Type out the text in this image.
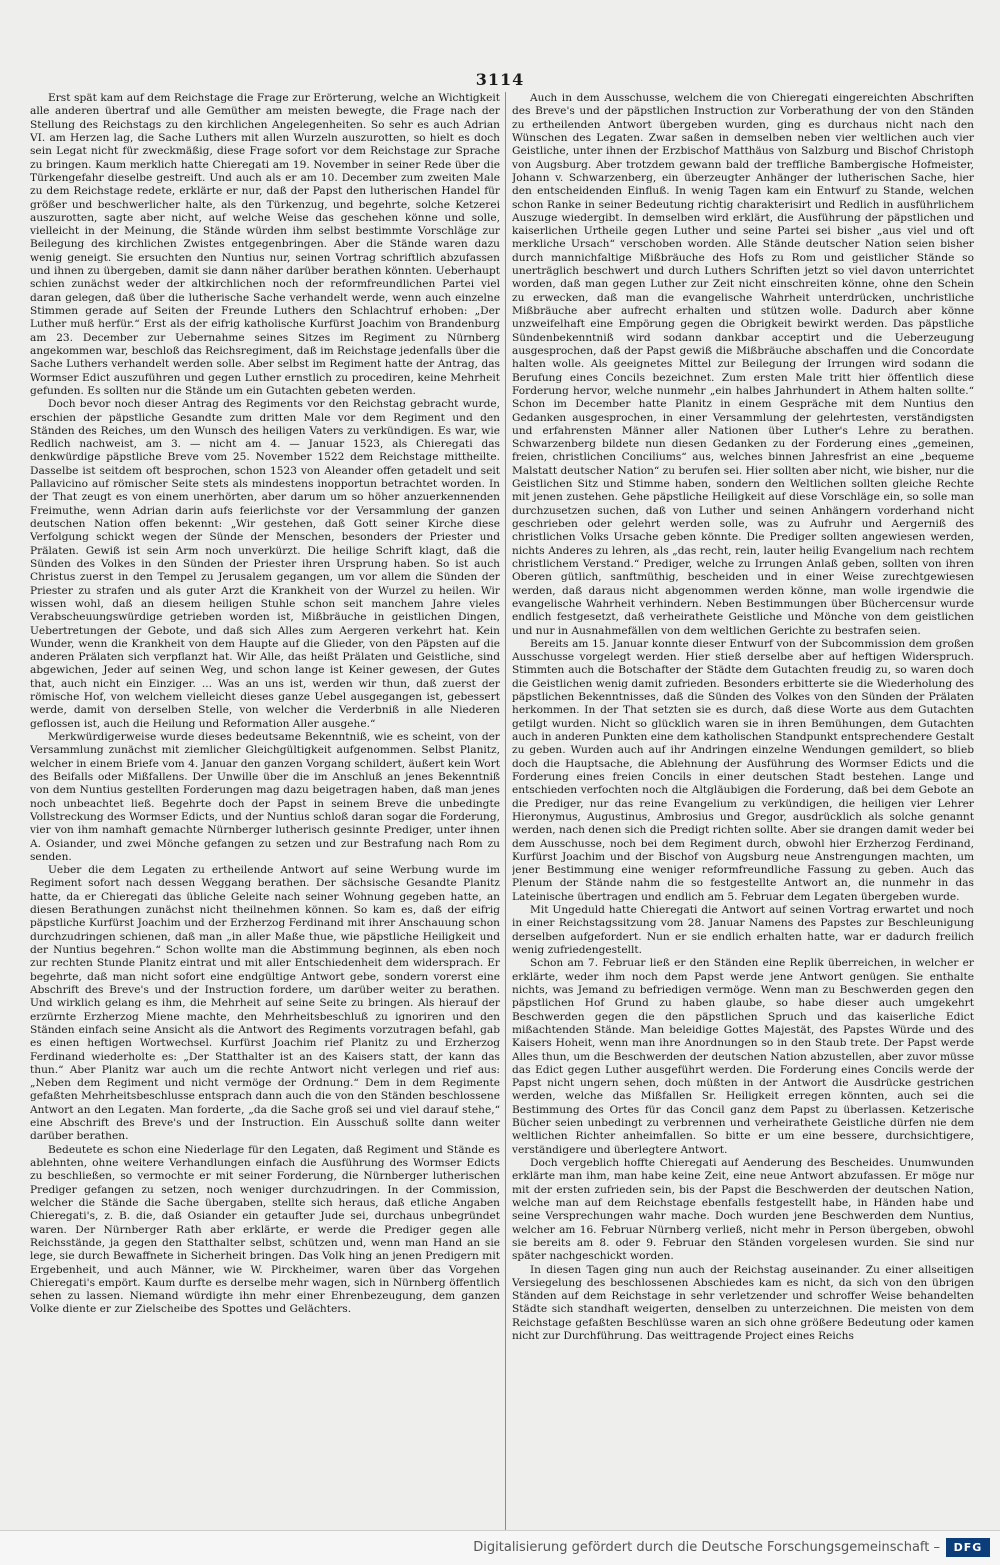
3114

Erst spät kam auf dem Reichstage die Frage zur Erörterung, welche an Wichtigkeit alle anderen übertraf und alle Gemüther am meisten bewegte, die Frage nach der Stellung des Reichstags zu den kirchlichen Angelegenheiten. So sehr es auch Adrian VI. am Herzen lag, die Sache Luthers mit allen Wurzeln auszurotten, so hielt es doch sein Legat nicht für zweckmäßig, diese Frage sofort vor dem Reichstage zur Sprache zu bringen. Kaum merklich hatte Chieregati am 19. November in seiner Rede über die Türkengefahr dieselbe gestreift. Und auch als er am 10. December zum zweiten Male zu dem Reichstage redete, erklärte er nur, daß der Papst den lutherischen Handel für größer und beschwerlicher halte, als den Türkenzug, und begehrte, solche Ketzerei auszurotten, sagte aber nicht, auf welche Weise das geschehen könne und solle, vielleicht in der Meinung, die Stände würden ihm selbst bestimmte Vorschläge zur Beilegung des kirchlichen Zwistes entgegenbringen. Aber die Stände waren dazu wenig geneigt. Sie ersuchten den Nuntius nur, seinen Vortrag schriftlich abzufassen und ihnen zu übergeben, damit sie dann näher darüber berathen könnten. Ueberhaupt schien zunächst weder der altkirchlichen noch der reformfreundlichen Partei viel daran gelegen, daß über die lutherische Sache verhandelt werde, wenn auch einzelne Stimmen gerade auf Seiten der Freunde Luthers den Schlachtruf erhoben: „Der Luther muß herfür.“ Erst als der eifrig katholische Kurfürst Joachim von Brandenburg am 23. December zur Uebernahme seines Sitzes im Regiment zu Nürnberg angekommen war, beschloß das Reichsregiment, daß im Reichstage jedenfalls über die Sache Luthers verhandelt werden solle. Aber selbst im Regiment hatte der Antrag, das Wormser Edict auszuführen und gegen Luther ernstlich zu procediren, keine Mehrheit gefunden. Es sollten nur die Stände um ein Gutachten gebeten werden.

Doch bevor noch dieser Antrag des Regiments vor den Reichstag gebracht wurde, erschien der päpstliche Gesandte zum dritten Male vor dem Regiment und den Ständen des Reiches, um den Wunsch des heiligen Vaters zu verkündigen. Es war, wie Redlich nachweist, am 3. — nicht am 4. — Januar 1523, als Chieregati das denkwürdige päpstliche Breve vom 25. November 1522 dem Reichstage mittheilte. Dasselbe ist seitdem oft besprochen, schon 1523 von Aleander offen getadelt und seit Pallavicino auf römischer Seite stets als mindestens inopportun betrachtet worden. In der That zeugt es von einem unerhörten, aber darum um so höher anzuerkennenden Freimuthe, wenn Adrian darin aufs feierlichste vor der Versammlung der ganzen deutschen Nation offen bekennt: „Wir gestehen, daß Gott seiner Kirche diese Verfolgung schickt wegen der Sünde der Menschen, besonders der Priester und Prälaten. Gewiß ist sein Arm noch unverkürzt. Die heilige Schrift klagt, daß die Sünden des Volkes in den Sünden der Priester ihren Ursprung haben. So ist auch Christus zuerst in den Tempel zu Jerusalem gegangen, um vor allem die Sünden der Priester zu strafen und als guter Arzt die Krankheit von der Wurzel zu heilen. Wir wissen wohl, daß an diesem heiligen Stuhle schon seit manchem Jahre vieles Verabscheuungswürdige getrieben worden ist, Mißbräuche in geistlichen Dingen, Uebertretungen der Gebote, und daß sich Alles zum Aergeren verkehrt hat. Kein Wunder, wenn die Krankheit von dem Haupte auf die Glieder, von den Päpsten auf die anderen Prälaten sich verpflanzt hat. Wir Alle, das heißt Prälaten und Geistliche, sind abgewichen, Jeder auf seinen Weg, und schon lange ist Keiner gewesen, der Gutes that, auch nicht ein Einziger. ... Was an uns ist, werden wir thun, daß zuerst der römische Hof, von welchem vielleicht dieses ganze Uebel ausgegangen ist, gebessert werde, damit von derselben Stelle, von welcher die Verderbniß in alle Niederen geflossen ist, auch die Heilung und Reformation Aller ausgehe.“

Merkwürdigerweise wurde dieses bedeutsame Bekenntniß, wie es scheint, von der Versammlung zunächst mit ziemlicher Gleichgültigkeit aufgenommen. Selbst Planitz, welcher in einem Briefe vom 4. Januar den ganzen Vorgang schildert, äußert kein Wort des Beifalls oder Mißfallens. Der Unwille über die im Anschluß an jenes Bekenntniß von dem Nuntius gestellten Forderungen mag dazu beigetragen haben, daß man jenes noch unbeachtet ließ. Begehrte doch der Papst in seinem Breve die unbedingte Vollstreckung des Wormser Edicts, und der Nuntius schloß daran sogar die Forderung, vier von ihm namhaft gemachte Nürnberger lutherisch gesinnte Prediger, unter ihnen A. Osiander, und zwei Mönche gefangen zu setzen und zur Bestrafung nach Rom zu senden.

Ueber die dem Legaten zu ertheilende Antwort auf seine Werbung wurde im Regiment sofort nach dessen Weggang berathen. Der sächsische Gesandte Planitz hatte, da er Chieregati das übliche Geleite nach seiner Wohnung gegeben hatte, an diesen Berathungen zunächst nicht theilnehmen können. So kam es, daß der eifrig päpstliche Kurfürst Joachim und der Erzherzog Ferdinand mit ihrer Anschauung schon durchzudringen schienen, daß man „in aller Maße thue, wie päpstliche Heiligkeit und der Nuntius begehren.“ Schon wollte man die Abstimmung beginnen, als eben noch zur rechten Stunde Planitz eintrat und mit aller Entschiedenheit dem widersprach. Er begehrte, daß man nicht sofort eine endgültige Antwort gebe, sondern vorerst eine Abschrift des Breve's und der Instruction fordere, um darüber weiter zu berathen. Und wirklich gelang es ihm, die Mehrheit auf seine Seite zu bringen. Als hierauf der erzürnte Erzherzog Miene machte, den Mehrheitsbeschluß zu ignoriren und den Ständen einfach seine Ansicht als die Antwort des Regiments vorzutragen befahl, gab es einen heftigen Wortwechsel. Kurfürst Joachim rief Planitz zu und Erzherzog Ferdinand wiederholte es: „Der Statthalter ist an des Kaisers statt, der kann das thun.“ Aber Planitz war auch um die rechte Antwort nicht verlegen und rief aus: „Neben dem Regiment und nicht vermöge der Ordnung.“ Dem in dem Regimente gefaßten Mehrheitsbeschlusse entsprach dann auch die von den Ständen beschlossene Antwort an den Legaten. Man forderte, „da die Sache groß sei und viel darauf stehe,“ eine Abschrift des Breve's und der Instruction. Ein Ausschuß sollte dann weiter darüber berathen.

Bedeutete es schon eine Niederlage für den Legaten, daß Regiment und Stände es ablehnten, ohne weitere Verhandlungen einfach die Ausführung des Wormser Edicts zu beschließen, so vermochte er mit seiner Forderung, die Nürnberger lutherischen Prediger gefangen zu setzen, noch weniger durchzudringen. In der Commission, welcher die Stände die Sache übergaben, stellte sich heraus, daß etliche Angaben Chieregati's, z. B. die, daß Osiander ein getaufter Jude sei, durchaus unbegründet waren. Der Nürnberger Rath aber erklärte, er werde die Prediger gegen alle Reichsstände, ja gegen den Statthalter selbst, schützen und, wenn man Hand an sie lege, sie durch Bewaffnete in Sicherheit bringen. Das Volk hing an jenen Predigern mit Ergebenheit, und auch Männer, wie W. Pirckheimer, waren über das Vorgehen Chieregati's empört. Kaum durfte es derselbe mehr wagen, sich in Nürnberg öffentlich sehen zu lassen. Niemand würdigte ihn mehr einer Ehrenbezeugung, dem ganzen Volke diente er zur Zielscheibe des Spottes und Gelächters.

Auch in dem Ausschusse, welchem die von Chieregati eingereichten Abschriften des Breve's und der päpstlichen Instruction zur Vorberathung der von den Ständen zu ertheilenden Antwort übergeben wurden, ging es durchaus nicht nach den Wünschen des Legaten. Zwar saßen in demselben neben vier weltlichen auch vier Geistliche, unter ihnen der Erzbischof Matthäus von Salzburg und Bischof Christoph von Augsburg. Aber trotzdem gewann bald der treffliche Bambergische Hofmeister, Johann v. Schwarzenberg, ein überzeugter Anhänger der lutherischen Sache, hier den entscheidenden Einfluß. In wenig Tagen kam ein Entwurf zu Stande, welchen schon Ranke in seiner Bedeutung richtig charakterisirt und Redlich in ausführlichem Auszuge wiedergibt. In demselben wird erklärt, die Ausführung der päpstlichen und kaiserlichen Urtheile gegen Luther und seine Partei sei bisher „aus viel und oft merkliche Ursach“ verschoben worden. Alle Stände deutscher Nation seien bisher durch mannichfaltige Mißbräuche des Hofs zu Rom und geistlicher Stände so unerträglich beschwert und durch Luthers Schriften jetzt so viel davon unterrichtet worden, daß man gegen Luther zur Zeit nicht einschreiten könne, ohne den Schein zu erwecken, daß man die evangelische Wahrheit unterdrücken, unchristliche Mißbräuche aber aufrecht erhalten und stützen wolle. Dadurch aber könne unzweifelhaft eine Empörung gegen die Obrigkeit bewirkt werden. Das päpstliche Sündenbekenntniß wird sodann dankbar acceptirt und die Ueberzeugung ausgesprochen, daß der Papst gewiß die Mißbräuche abschaffen und die Concordate halten wolle. Als geeignetes Mittel zur Beilegung der Irrungen wird sodann die Berufung eines Concils bezeichnet. Zum ersten Male tritt hier öffentlich diese Forderung hervor, welche nunmehr „ein halbes Jahrhundert in Athem halten sollte.“ Schon im December hatte Planitz in einem Gespräche mit dem Nuntius den Gedanken ausgesprochen, in einer Versammlung der gelehrtesten, verständigsten und erfahrensten Männer aller Nationen über Luther's Lehre zu berathen. Schwarzenberg bildete nun diesen Gedanken zu der Forderung eines „gemeinen, freien, christlichen Conciliums“ aus, welches binnen Jahresfrist an eine „bequeme Malstatt deutscher Nation“ zu berufen sei. Hier sollten aber nicht, wie bisher, nur die Geistlichen Sitz und Stimme haben, sondern den Weltlichen sollten gleiche Rechte mit jenen zustehen. Gehe päpstliche Heiligkeit auf diese Vorschläge ein, so solle man durchzusetzen suchen, daß von Luther und seinen Anhängern vorderhand nicht geschrieben oder gelehrt werden solle, was zu Aufruhr und Aergerniß des christlichen Volks Ursache geben könnte. Die Prediger sollten angewiesen werden, nichts Anderes zu lehren, als „das recht, rein, lauter heilig Evangelium nach rechtem christlichem Verstand.“ Prediger, welche zu Irrungen Anlaß geben, sollten von ihren Oberen gütlich, sanftmüthig, bescheiden und in einer Weise zurechtgewiesen werden, daß daraus nicht abgenommen werden könne, man wolle irgendwie die evangelische Wahrheit verhindern. Neben Bestimmungen über Büchercensur wurde endlich festgesetzt, daß verheirathete Geistliche und Mönche von dem geistlichen und nur in Ausnahmefällen von dem weltlichen Gerichte zu bestrafen seien.

Bereits am 15. Januar konnte dieser Entwurf von der Subcommission dem großen Ausschusse vorgelegt werden. Hier stieß derselbe aber auf heftigen Widerspruch. Stimmten auch die Botschafter der Städte dem Gutachten freudig zu, so waren doch die Geistlichen wenig damit zufrieden. Besonders erbitterte sie die Wiederholung des päpstlichen Bekenntnisses, daß die Sünden des Volkes von den Sünden der Prälaten herkommen. In der That setzten sie es durch, daß diese Worte aus dem Gutachten getilgt wurden. Nicht so glücklich waren sie in ihren Bemühungen, dem Gutachten auch in anderen Punkten eine dem katholischen Standpunkt entsprechendere Gestalt zu geben. Wurden auch auf ihr Andringen einzelne Wendungen gemildert, so blieb doch die Hauptsache, die Ablehnung der Ausführung des Wormser Edicts und die Forderung eines freien Concils in einer deutschen Stadt bestehen. Lange und entschieden verfochten noch die Altgläubigen die Forderung, daß bei dem Gebote an die Prediger, nur das reine Evangelium zu verkündigen, die heiligen vier Lehrer Hieronymus, Augustinus, Ambrosius und Gregor, ausdrücklich als solche genannt werden, nach denen sich die Predigt richten sollte. Aber sie drangen damit weder bei dem Ausschusse, noch bei dem Regiment durch, obwohl hier Erzherzog Ferdinand, Kurfürst Joachim und der Bischof von Augsburg neue Anstrengungen machten, um jener Bestimmung eine weniger reformfreundliche Fassung zu geben. Auch das Plenum der Stände nahm die so festgestellte Antwort an, die nunmehr in das Lateinische übertragen und endlich am 5. Februar dem Legaten übergeben wurde.

Mit Ungeduld hatte Chieregati die Antwort auf seinen Vortrag erwartet und noch in einer Reichstagssitzung vom 28. Januar Namens des Papstes zur Beschleunigung derselben aufgefordert. Nun er sie endlich erhalten hatte, war er dadurch freilich wenig zufriedengestellt.

Schon am 7. Februar ließ er den Ständen eine Replik überreichen, in welcher er erklärte, weder ihm noch dem Papst werde jene Antwort genügen. Sie enthalte nichts, was Jemand zu befriedigen vermöge. Wenn man zu Beschwerden gegen den päpstlichen Hof Grund zu haben glaube, so habe dieser auch umgekehrt Beschwerden gegen die den päpstlichen Spruch und das kaiserliche Edict mißachtenden Stände. Man beleidige Gottes Majestät, des Papstes Würde und des Kaisers Hoheit, wenn man ihre Anordnungen so in den Staub trete. Der Papst werde Alles thun, um die Beschwerden der deutschen Nation abzustellen, aber zuvor müsse das Edict gegen Luther ausgeführt werden. Die Forderung eines Concils werde der Papst nicht ungern sehen, doch müßten in der Antwort die Ausdrücke gestrichen werden, welche das Mißfallen Sr. Heiligkeit erregen könnten, auch sei die Bestimmung des Ortes für das Concil ganz dem Papst zu überlassen. Ketzerische Bücher seien unbedingt zu verbrennen und verheirathete Geistliche dürfen nie dem weltlichen Richter anheimfallen. So bitte er um eine bessere, durchsichtigere, verständigere und überlegtere Antwort.

Doch vergeblich hoffte Chieregati auf Aenderung des Bescheides. Unumwunden erklärte man ihm, man habe keine Zeit, eine neue Antwort abzufassen. Er möge nur mit der ersten zufrieden sein, bis der Papst die Beschwerden der deutschen Nation, welche man auf dem Reichstage ebenfalls festgestellt habe, in Händen habe und seine Versprechungen wahr mache. Doch wurden jene Beschwerden dem Nuntius, welcher am 16. Februar Nürnberg verließ, nicht mehr in Person übergeben, obwohl sie bereits am 8. oder 9. Februar den Ständen vorgelesen wurden. Sie sind nur später nachgeschickt worden.

In diesen Tagen ging nun auch der Reichstag auseinander. Zu einer allseitigen Versiegelung des beschlossenen Abschiedes kam es nicht, da sich von den übrigen Ständen auf dem Reichstage in sehr verletzender und schroffer Weise behandelten Städte sich standhaft weigerten, denselben zu unterzeichnen. Die meisten von dem Reichstage gefaßten Beschlüsse waren an sich ohne größere Bedeutung oder kamen nicht zur Durchführung. Das weittragende Project eines Reichs

Digitalisierung gefördert durch die Deutsche Forschungsgemeinschaft –	DFG
